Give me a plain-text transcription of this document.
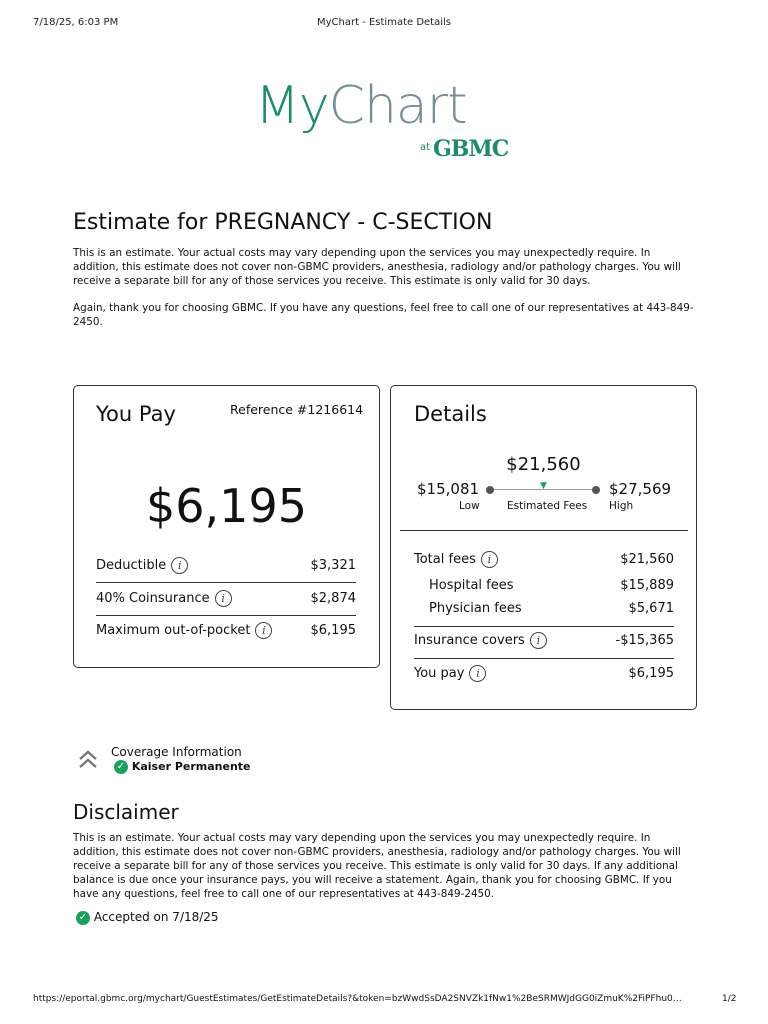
7/18/25, 6:03 PM	MyChart - Estimate Details
MyChart
at GBMC
Estimate for PREGNANCY - C-SECTION
This is an estimate. Your actual costs may vary depending upon the services you may unexpectedly require. In addition, this estimate does not cover non-GBMC providers, anesthesia, radiology and/or pathology charges. You will receive a separate bill for any of those services you receive. This estimate is only valid for 30 days.
Again, thank you for choosing GBMC. If you have any questions, feel free to call one of our representatives at 443-849-2450.
You Pay	Reference #1216614
$6,195
Deductible i	$3,321
40% Coinsurance i	$2,874
Maximum out-of-pocket i	$6,195
Details
$21,560
$15,081	$27,569
▼
Low	Estimated Fees High
Total fees i	$21,560
Hospital fees	$15,889
Physician fees	$5,671
Insurance covers i	-$15,365
You pay i	$6,195
Coverage Information
✓ Kaiser Permanente
Disclaimer
This is an estimate. Your actual costs may vary depending upon the services you may unexpectedly require. In addition, this estimate does not cover non-GBMC providers, anesthesia, radiology and/or pathology charges. You will receive a separate bill for any of those services you receive. This estimate is only valid for 30 days. If any additional balance is due once your insurance pays, you will receive a statement. Again, thank you for choosing GBMC. If you have any questions, feel free to call one of our representatives at 443-849-2450.
✓ Accepted on 7/18/25
https://eportal.gbmc.org/mychart/GuestEstimates/GetEstimateDetails?&token=bzWwdSsDA2SNVZk1fNw1%2BeSRMWJdGG0iZmuK%2FiPFhu0…	1/2
